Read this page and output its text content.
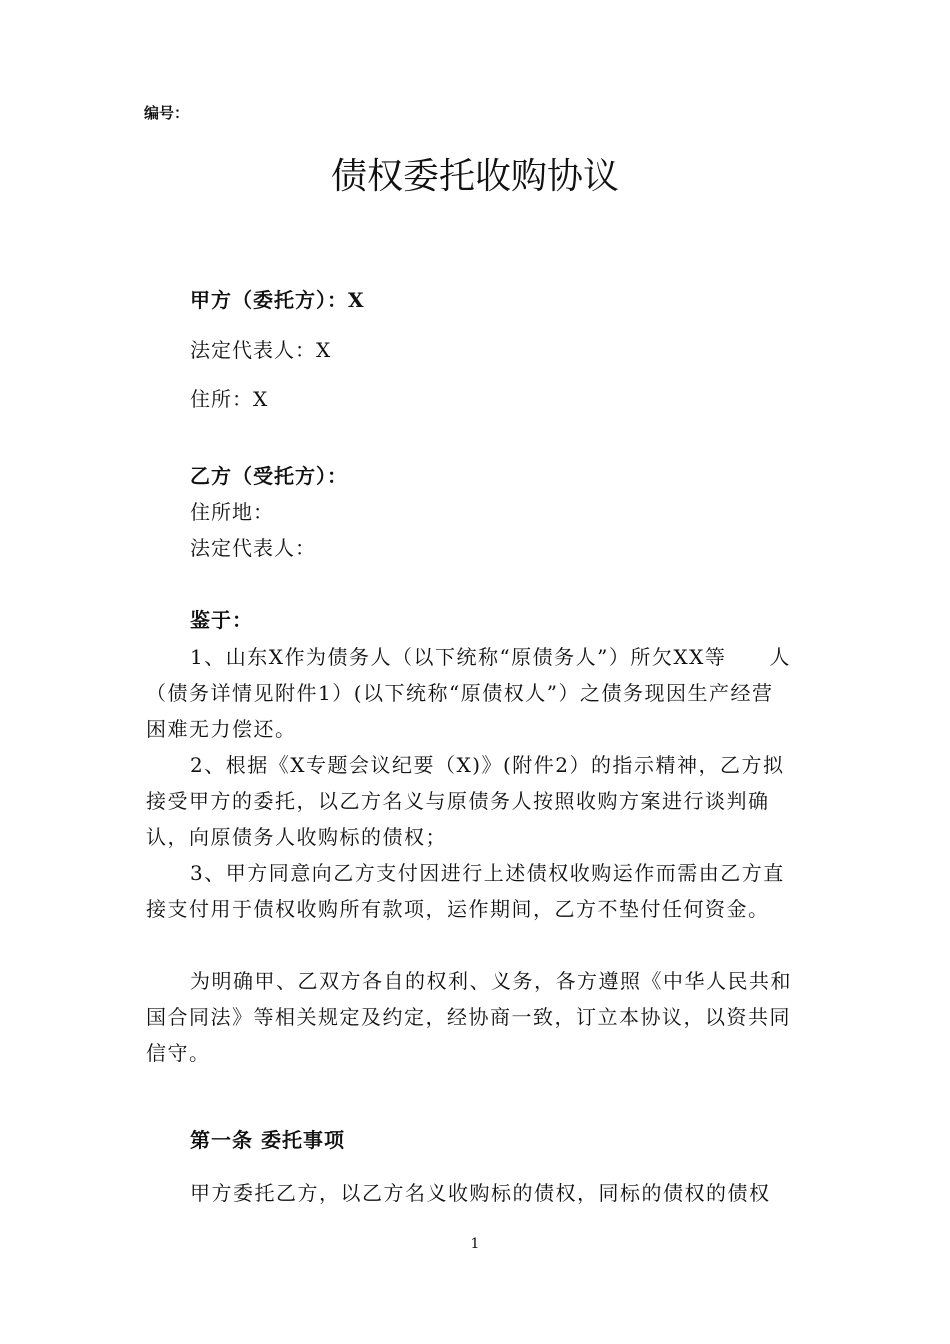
编号：
债权委托收购协议
甲方（委托方）：X
法定代表人：X
住所：X
乙方（受托方）：
住所地：
法定代表人：
鉴于：
1、山东X作为债务人（以下统称“原债务人”）所欠XX等　　人
（债务详情见附件1）(以下统称“原债权人”）之债务现因生产经营
困难无力偿还。
2、根据《X专题会议纪要（X)》(附件2）的指示精神，乙方拟
接受甲方的委托，以乙方名义与原债务人按照收购方案进行谈判确
认，向原债务人收购标的债权；
3、甲方同意向乙方支付因进行上述债权收购运作而需由乙方直
接支付用于债权收购所有款项，运作期间，乙方不垫付任何资金。
为明确甲、乙双方各自的权利、义务，各方遵照《中华人民共和
国合同法》等相关规定及约定，经协商一致，订立本协议，以资共同
信守。
第一条 委托事项
甲方委托乙方，以乙方名义收购标的债权，同标的债权的债权
1
